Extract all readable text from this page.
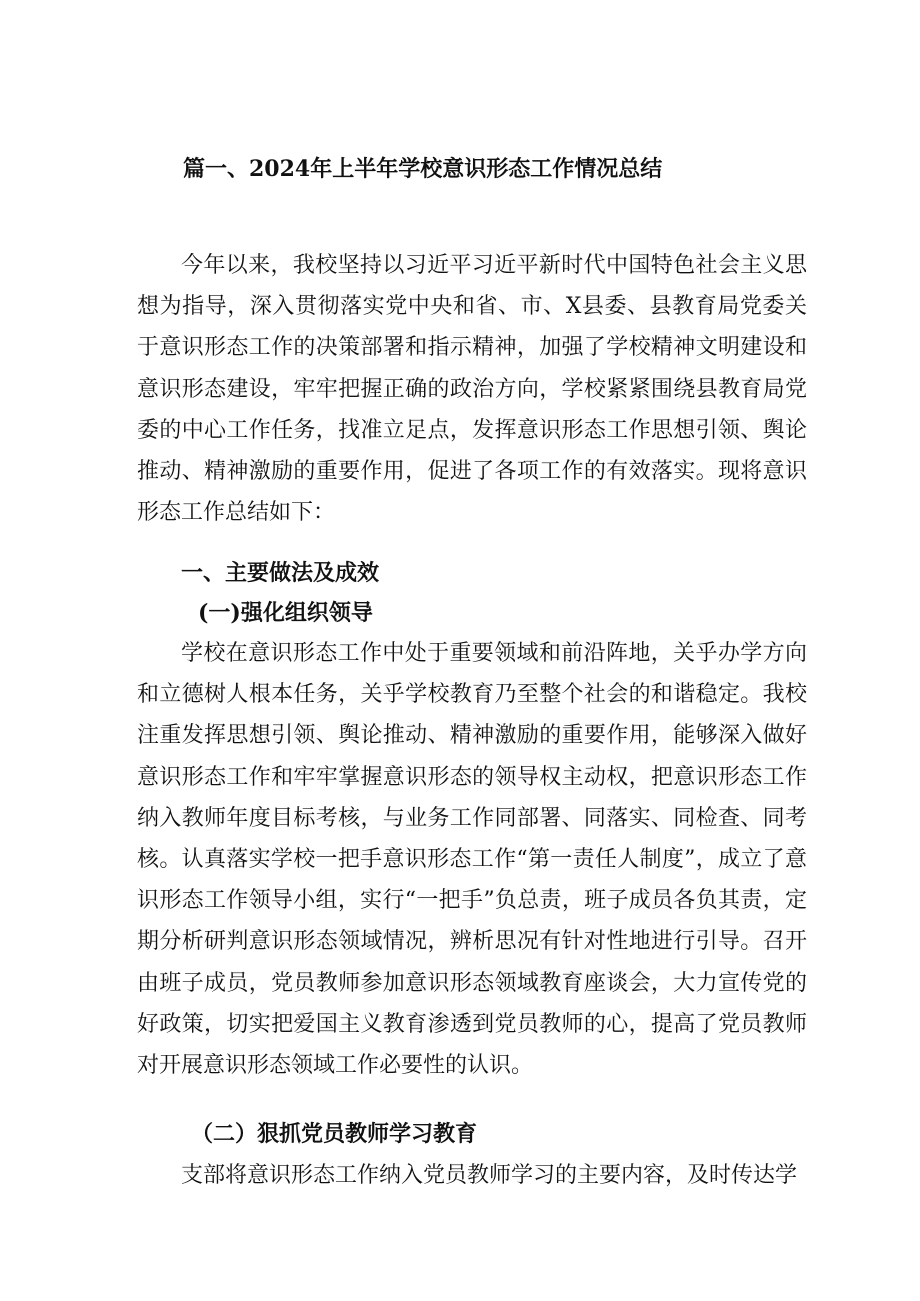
篇一、2024年上半年学校意识形态工作情况总结

今年以来，我校坚持以习近平习近平新时代中国特色社会主义思想为指导，深入贯彻落实党中央和省、市、X县委、县教育局党委关于意识形态工作的决策部署和指示精神，加强了学校精神文明建设和意识形态建设，牢牢把握正确的政治方向，学校紧紧围绕县教育局党委的中心工作任务，找准立足点，发挥意识形态工作思想引领、舆论推动、精神激励的重要作用，促进了各项工作的有效落实。现将意识形态工作总结如下：

一、主要做法及成效
(一)强化组织领导

学校在意识形态工作中处于重要领域和前沿阵地，关乎办学方向和立德树人根本任务，关乎学校教育乃至整个社会的和谐稳定。我校注重发挥思想引领、舆论推动、精神激励的重要作用，能够深入做好意识形态工作和牢牢掌握意识形态的领导权主动权，把意识形态工作纳入教师年度目标考核，与业务工作同部署、同落实、同检查、同考核。认真落实学校一把手意识形态工作“第一责任人制度”，成立了意识形态工作领导小组，实行“一把手”负总责，班子成员各负其责，定期分析研判意识形态领域情况，辨析思况有针对性地进行引导。召开由班子成员，党员教师参加意识形态领域教育座谈会，大力宣传党的好政策，切实把爱国主义教育渗透到党员教师的心，提高了党员教师对开展意识形态领域工作必要性的认识。

（二）狠抓党员教师学习教育

支部将意识形态工作纳入党员教师学习的主要内容，及时传达学
